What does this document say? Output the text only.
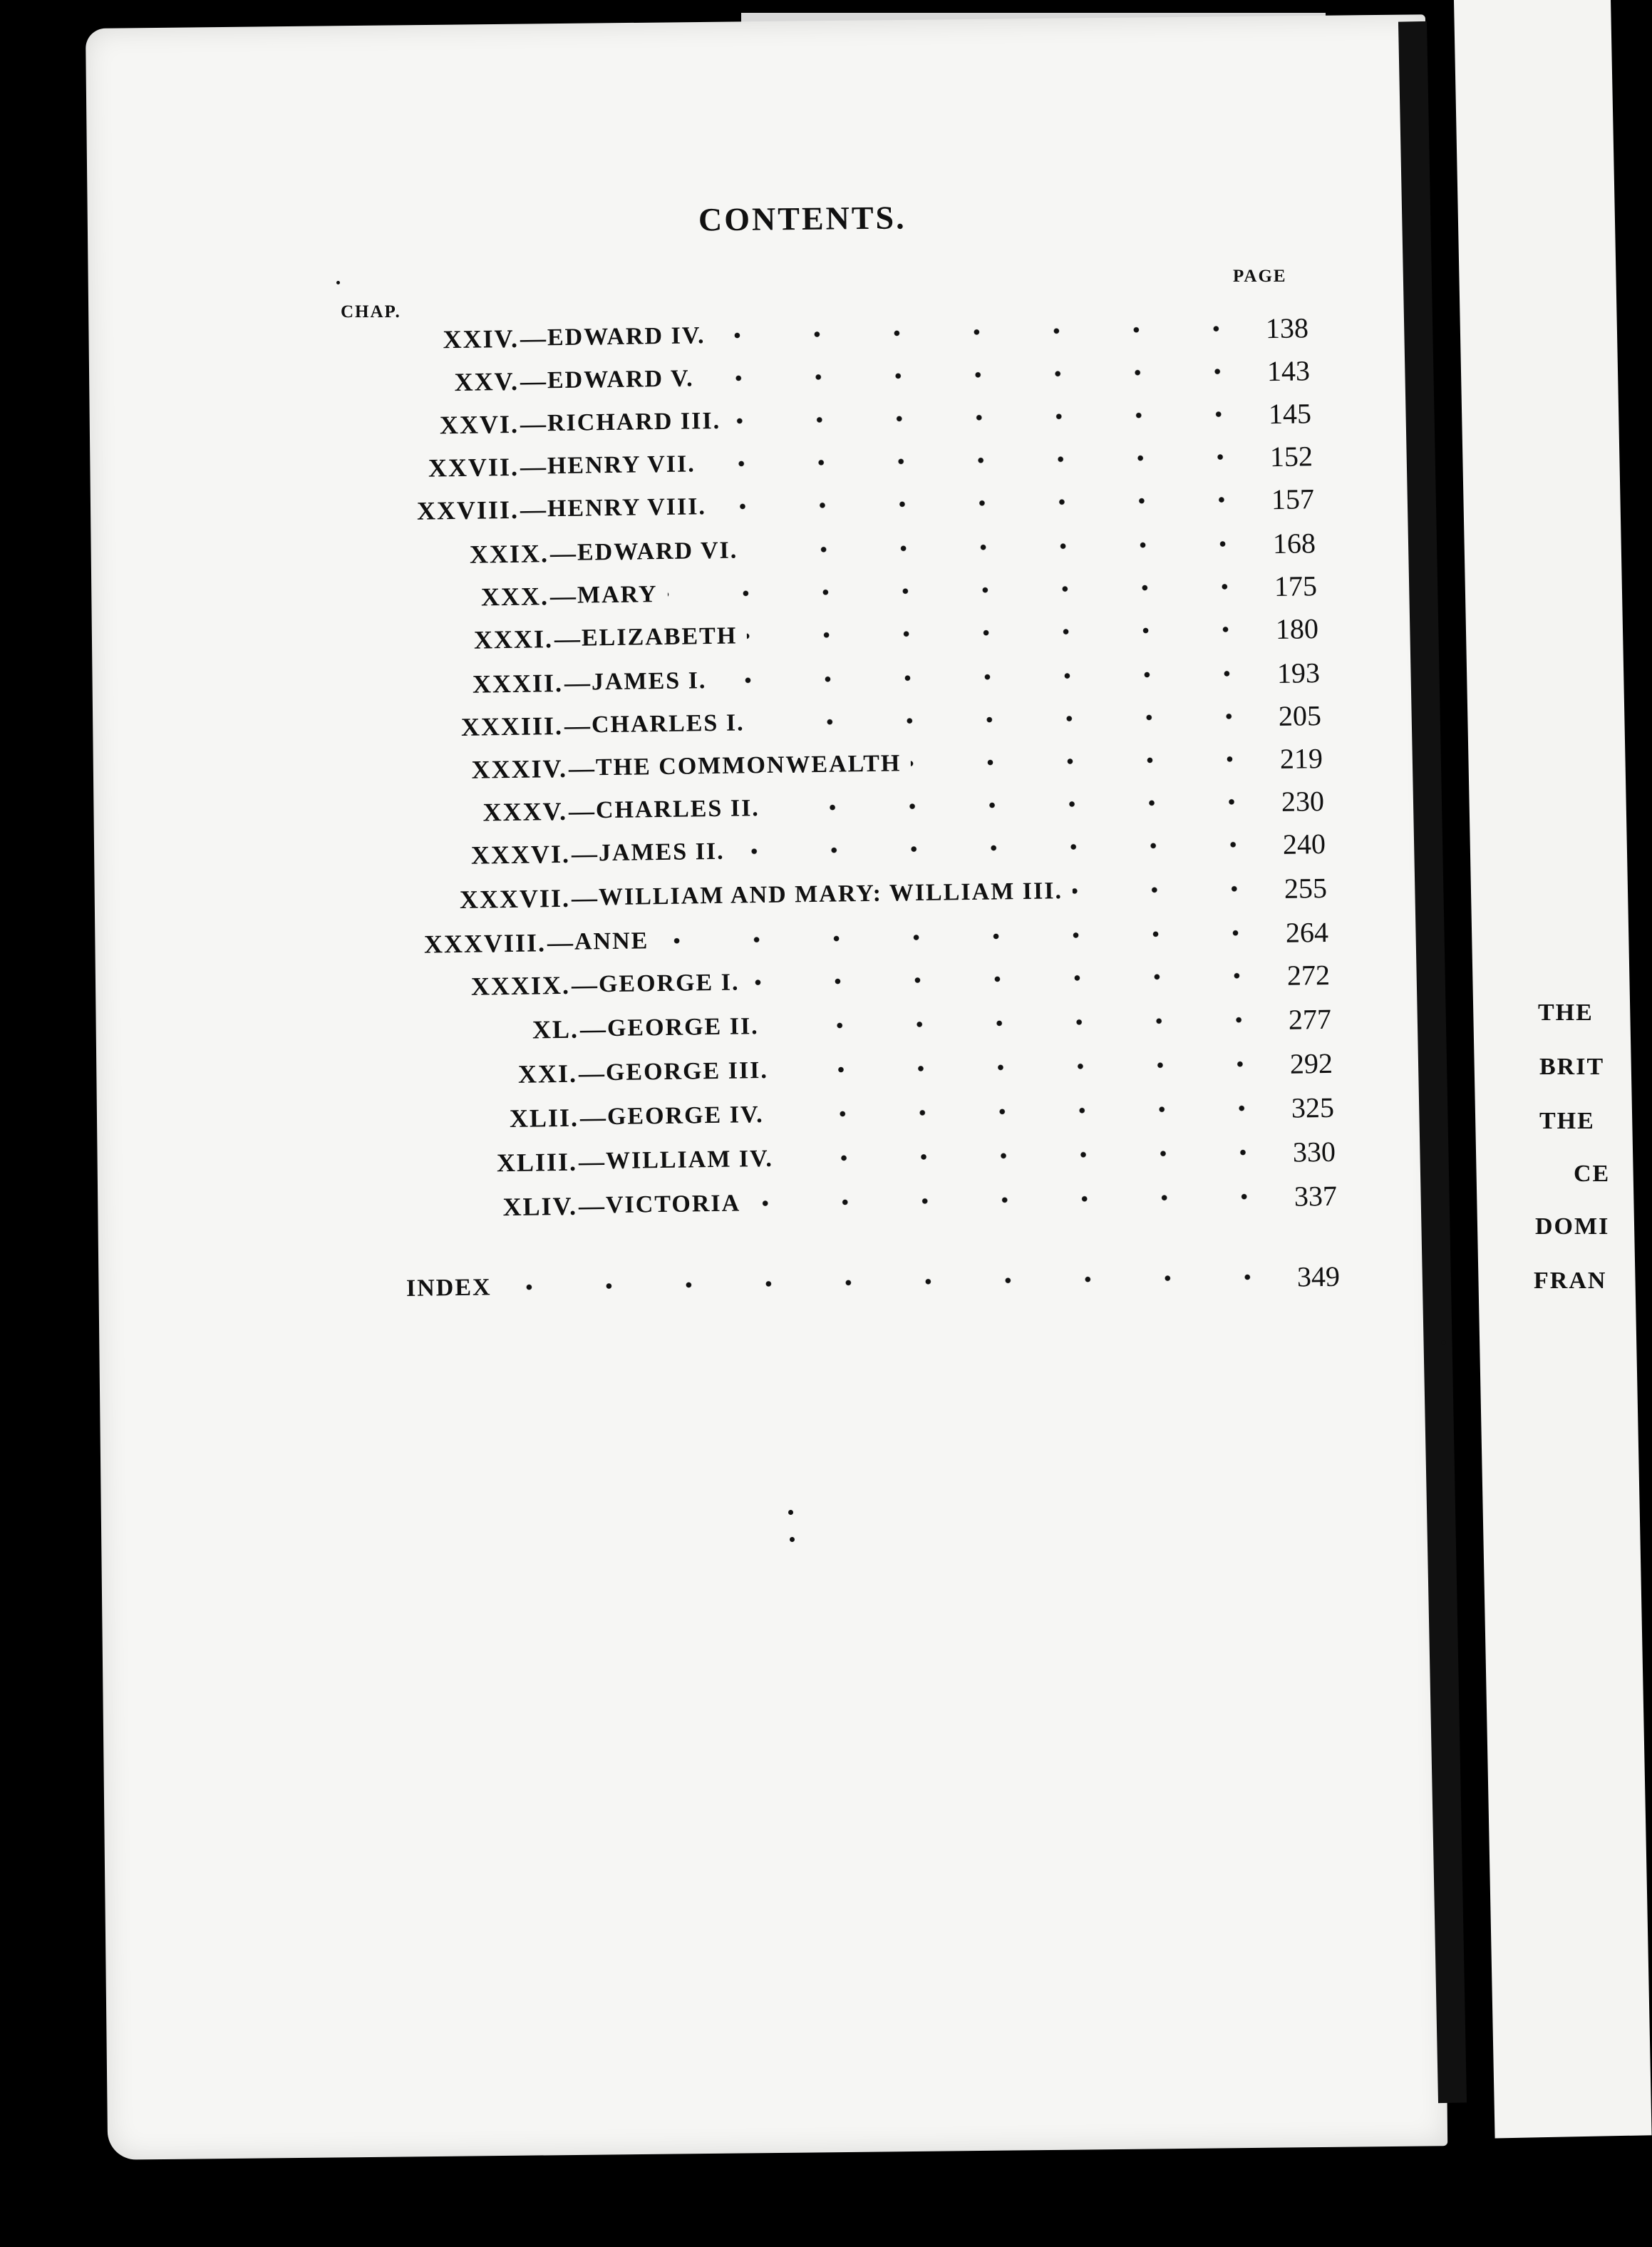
THE
BRIT
THE
CE
DOMI
FRAN
CONTENTS.
CHAP.
PAGE
XXIV. — EDWARD IV.	138
XXV. — EDWARD V.	143
XXVI. — RICHARD III.	145
XXVII. — HENRY VII.	152
XXVIII. — HENRY VIII.	157
XXIX. — EDWARD VI.	168
XXX. — MARY	175
XXXI. — ELIZABETH	180
XXXII. — JAMES I.	193
XXXIII. — CHARLES I.	205
XXXIV. — THE COMMONWEALTH	219
XXXV. — CHARLES II.	230
XXXVI. — JAMES II.	240
XXXVII. — WILLIAM AND MARY: WILLIAM III.	255
XXXVIII. — ANNE	264
XXXIX. — GEORGE I.	272
XL. — GEORGE II.	277
XXI. — GEORGE III.	292
XLII. — GEORGE IV.	325
XLIII. — WILLIAM IV.	330
XLIV. — VICTORIA	337
INDEX	349
